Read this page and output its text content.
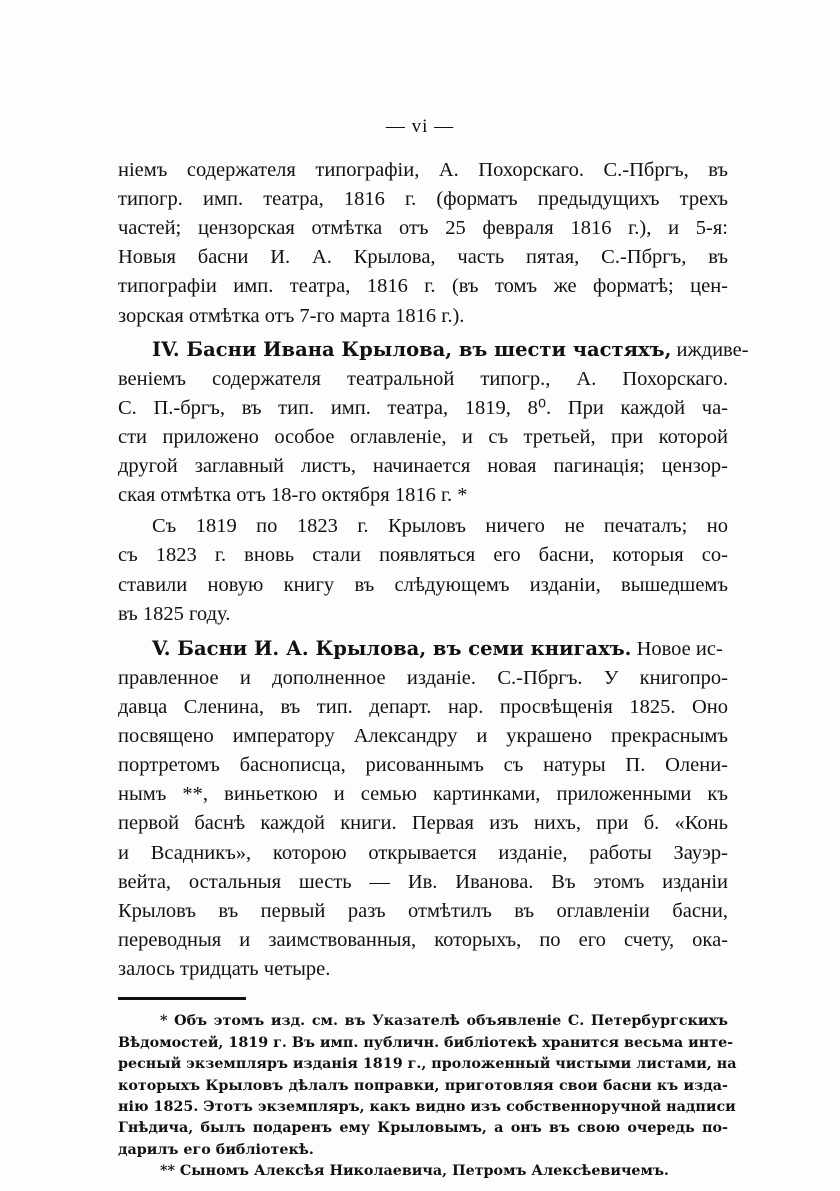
— vi —
ніемъ содержателя типографіи, А. Похорскаго. С.-Пбргъ, въ
типогр. имп. театра, 1816 г. (форматъ предыдущихъ трехъ
частей; цензорская отмѣтка отъ 25 февраля 1816 г.), и 5-я:
Новыя басни И. А. Крылова, часть пятая, С.-Пбргъ, въ
типографіи имп. театра, 1816 г. (въ томъ же форматѣ; цен-
зорская отмѣтка отъ 7-го марта 1816 г.).
IV. Басни Ивана Крылова, въ шести частяхъ, иждиве-
веніемъ содержателя театральной типогр., А. Похорскаго.
С. П.-бргъ, въ тип. имп. театра, 1819, 8⁰. При каждой ча-
сти приложено особое оглавленіе, и съ третьей, при которой
другой заглавный листъ, начинается новая пагинація; цензор-
ская отмѣтка отъ 18-го октября 1816 г. *
Съ 1819 по 1823 г. Крыловъ ничего не печаталъ; но
съ 1823 г. вновь стали появляться его басни, которыя со-
ставили новую книгу въ слѣдующемъ изданіи, вышедшемъ
въ 1825 году.
V. Басни И. А. Крылова, въ семи книгахъ. Новое ис-
правленное и дополненное изданіе. С.-Пбргъ. У книгопро-
давца Сленина, въ тип. департ. нар. просвѣщенія 1825. Оно
посвящено императору Александру и украшено прекраснымъ
портретомъ баснописца, рисованнымъ съ натуры П. Олени-
нымъ **, виньеткою и семью картинками, приложенными къ
первой баснѣ каждой книги. Первая изъ нихъ, при б. «Конь
и Всадникъ», которою открывается изданіе, работы Зауэр-
вейта, остальныя шесть — Ив. Иванова. Въ этомъ изданіи
Крыловъ въ первый разъ отмѣтилъ въ оглавленіи басни,
переводныя и заимствованныя, которыхъ, по его счету, ока-
залось тридцать четыре.
* Объ этомъ изд. см. въ Указателѣ объявленіе С. Петербургскихъ
Вѣдомостей, 1819 г. Въ имп. публичн. библіотекѣ хранится весьма инте-
ресный экземпляръ изданія 1819 г., проложенный чистыми листами, на
которыхъ Крыловъ дѣлалъ поправки, приготовляя свои басни къ изда-
нію 1825. Этотъ экземпляръ, какъ видно изъ собственноручной надписи
Гнѣдича, былъ подаренъ ему Крыловымъ, а онъ въ свою очередь по-
дарилъ его библіотекѣ.
** Сыномъ Алексѣя Николаевича, Петромъ Алексѣевичемъ.
